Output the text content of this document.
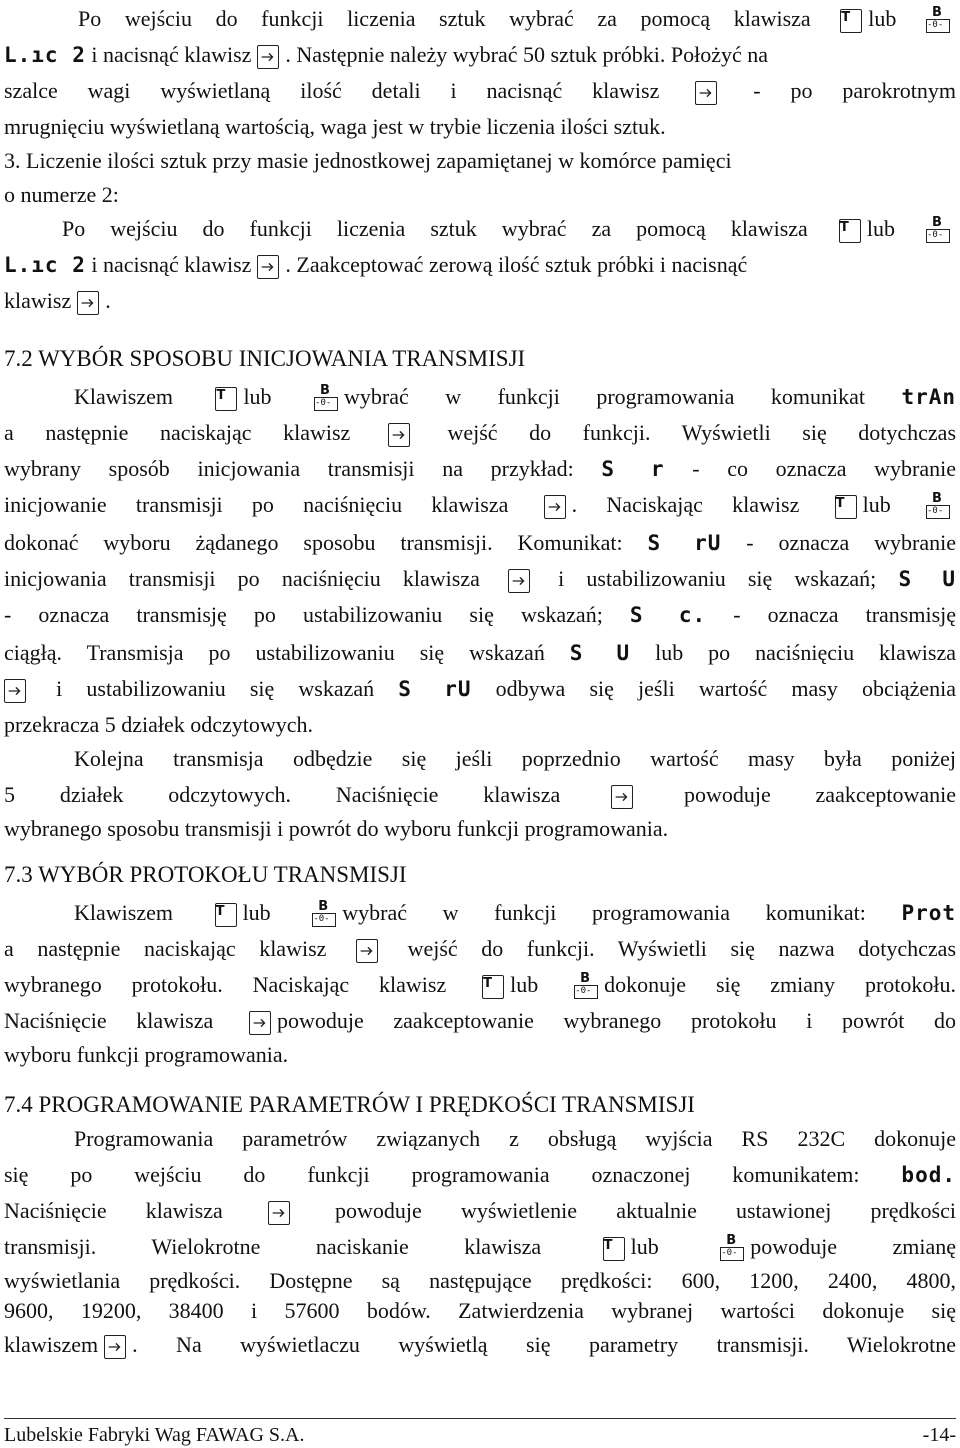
Po wejściu do funkcji liczenia sztuk wybrać za pomocą klawisza T lub	B
-0-
L.ıc 2 i nacisnąć klawisz . Następnie należy wybrać 50 sztuk próbki. Położyć na
szalce wagi wyświetlaną ilość detali i nacisnąć klawisz	- po parokrotnym
mrugnięciu wyświetlaną wartością, waga jest w trybie liczenia ilości sztuk.
3. Liczenie ilości sztuk przy masie jednostkowej zapamiętanej w komórce pamięci
o numerze 2:
Po wejściu do funkcji liczenia sztuk wybrać za pomocą klawisza T lub	B
-0-
L.ıc 2 i nacisnąć klawisz . Zaakceptować zerową ilość sztuk próbki i nacisnąć
klawisz .
7.2 WYBÓR SPOSOBU INICJOWANIA TRANSMISJI
Klawiszem	T lub	B
-0- wybrać w funkcji programowania komunikat trAn
a następnie naciskając klawisz	wejść do funkcji. Wyświetli się dotychczas
wybrany sposób inicjowania transmisji na przykład: S r - co oznacza wybranie
inicjowanie transmisji po naciśnięciu klawisza	. Naciskając klawisz	T lub	B
-0-
dokonać wyboru żądanego sposobu transmisji. Komunikat: S rU - oznacza wybranie
inicjowania transmisji po naciśnięciu klawisza	i ustabilizowaniu się wskazań; S U
- oznacza transmisję po ustabilizowaniu się wskazań; S c. - oznacza transmisję
ciągłą. Transmisja po ustabilizowaniu się wskazań S U lub po naciśnięciu klawisza
i ustabilizowaniu się wskazań S rU odbywa się jeśli wartość masy obciążenia
przekracza 5 działek odczytowych.
Kolejna transmisja odbędzie się jeśli poprzednio wartość masy była poniżej
5 działek odczytowych. Naciśnięcie klawisza	powoduje zaakceptowanie
wybranego sposobu transmisji i powrót do wyboru funkcji programowania.
7.3 WYBÓR PROTOKOŁU TRANSMISJI
Klawiszem	T lub	B
-0- wybrać w funkcji programowania komunikat: Prot
a następnie naciskając klawisz	wejść do funkcji. Wyświetli się nazwa dotychczas
wybranego protokołu. Naciskając klawisz	T lub	B
-0- dokonuje się zmiany protokołu.
Naciśnięcie klawisza	powoduje zaakceptowanie wybranego protokołu i powrót do
wyboru funkcji programowania.
7.4 PROGRAMOWANIE PARAMETRÓW I PRĘDKOŚCI TRANSMISJI
Programowania parametrów związanych z obsługą wyjścia RS 232C dokonuje
się po wejściu do funkcji programowania oznaczonej komunikatem: bod.
Naciśnięcie klawisza	powoduje wyświetlenie aktualnie ustawionej prędkości
transmisji. Wielokrotne naciskanie klawisza	T lub	B
-0- powoduje zmianę
wyświetlania prędkości. Dostępne są następujące prędkości: 600, 1200, 2400, 4800,
9600, 19200, 38400 i 57600 bodów. Zatwierdzenia wybranej wartości dokonuje się
klawiszem . Na wyświetlaczu wyświetlą się parametry transmisji. Wielokrotne
Lubelskie Fabryki Wag FAWAG S.A.	-14-
